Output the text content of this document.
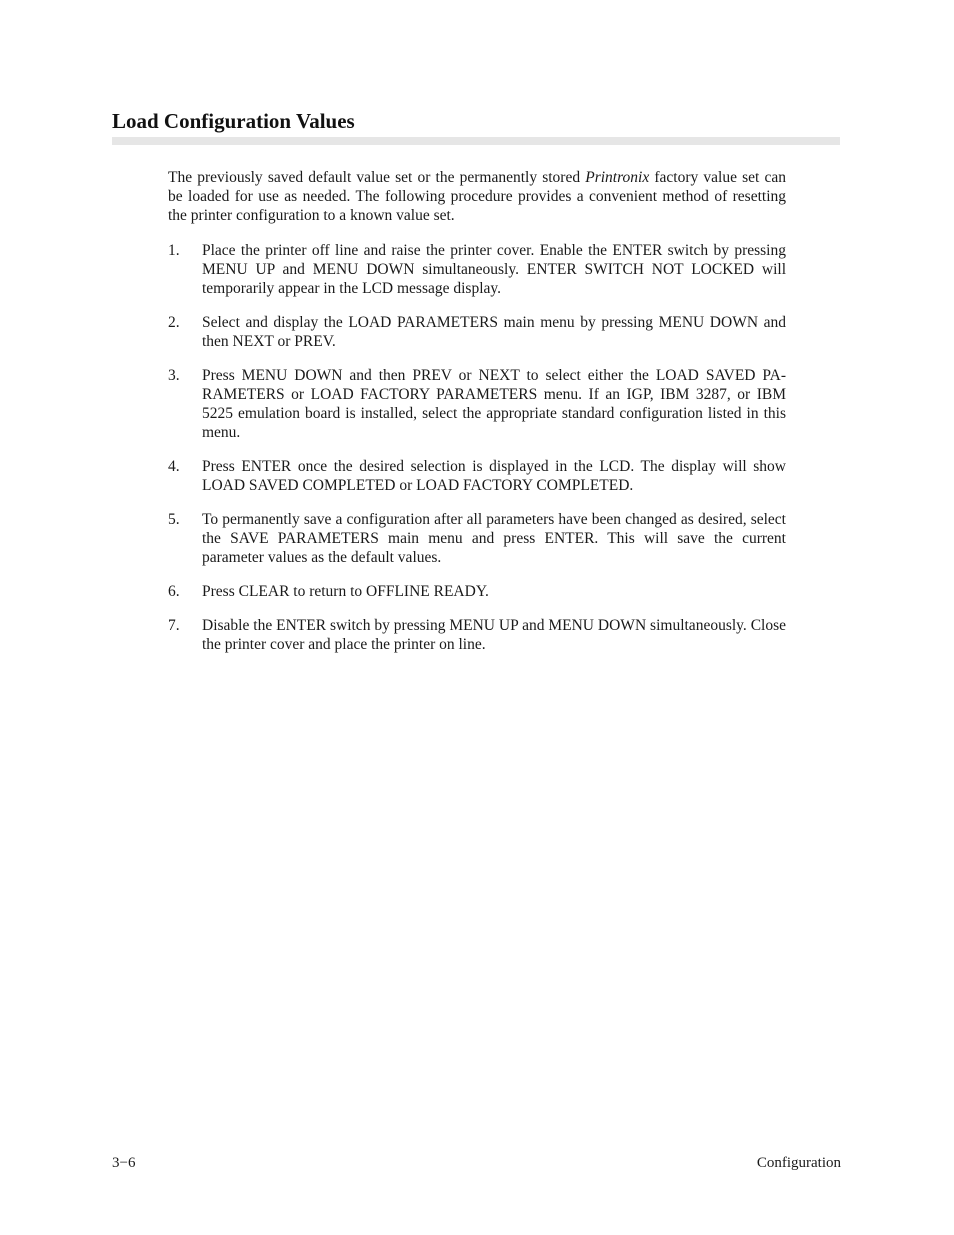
Load Configuration Values

The previously saved default value set or the permanently stored Printronix factory value set can be loaded for use as needed. The following procedure provides a convenient method of resetting the printer configuration to a known value set.

1. Place the printer off line and raise the printer cover. Enable the ENTER switch by pressing MENU UP and MENU DOWN simultaneously. ENTER SWITCH NOT LOCKED will temporarily appear in the LCD message display.
2. Select and display the LOAD PARAMETERS main menu by pressing MENU DOWN and then NEXT or PREV.
3. Press MENU DOWN and then PREV or NEXT to select either the LOAD SAVED PARAMETERS or LOAD FACTORY PARAMETERS menu. If an IGP, IBM 3287, or IBM 5225 emulation board is installed, select the appropriate standard configuration listed in this menu.
4. Press ENTER once the desired selection is displayed in the LCD. The display will show LOAD SAVED COMPLETED or LOAD FACTORY COMPLETED.
5. To permanently save a configuration after all parameters have been changed as desired, select the SAVE PARAMETERS main menu and press ENTER. This will save the current parameter values as the default values.
6. Press CLEAR to return to OFFLINE READY.
7. Disable the ENTER switch by pressing MENU UP and MENU DOWN simultaneously. Close the printer cover and place the printer on line.
3−6	Configuration
